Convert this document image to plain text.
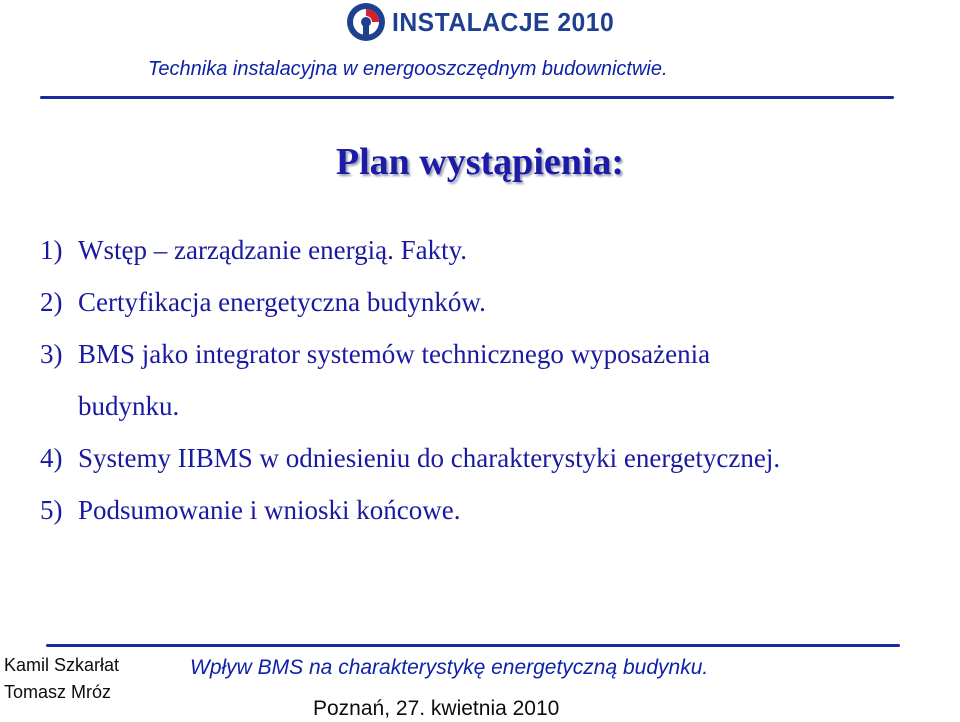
INSTALACJE 2010
Technika instalacyjna w energooszczędnym budownictwie.
Plan wystąpienia:
1) Wstęp – zarządzanie energią. Fakty.
2) Certyfikacja energetyczna budynków.
3) BMS jako integrator systemów technicznego wyposażenia
budynku.
4) Systemy IIBMS w odniesieniu do charakterystyki energetycznej.
5) Podsumowanie i wnioski końcowe.
Kamil Szkarłat
Tomasz Mróz
Wpływ BMS na charakterystykę energetyczną budynku.
Poznań, 27. kwietnia 2010
